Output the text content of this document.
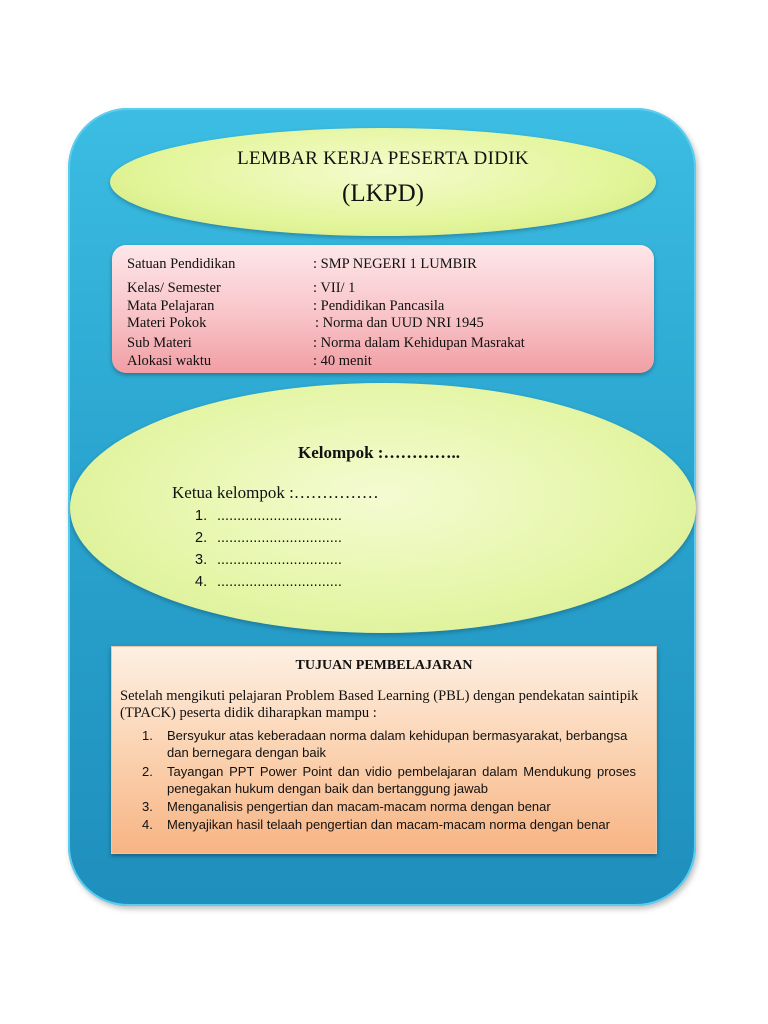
LEMBAR KERJA PESERTA DIDIK
(LKPD)
Satuan Pendidikan	: SMP NEGERI 1 LUMBIR
Kelas/ Semester	: VII/ 1
Mata Pelajaran	: Pendidikan Pancasila
Materi Pokok	: Norma dan UUD NRI 1945
Sub Materi	: Norma dalam Kehidupan Masrakat
Alokasi waktu	: 40 menit
Kelompok :…………..
Ketua kelompok :……………
1. ...............................
2. ...............................
3. ...............................
4. ...............................
TUJUAN PEMBELAJARAN
Setelah mengikuti pelajaran Problem Based Learning (PBL) dengan pendekatan saintipik (TPACK) peserta didik diharapkan mampu :
1. Bersyukur atas keberadaan norma dalam kehidupan bermasyarakat, berbangsa dan bernegara dengan baik
2. Tayangan PPT Power Point dan vidio pembelajaran dalam Mendukung proses penegakan hukum dengan baik dan bertanggung jawab
3. Menganalisis pengertian dan macam-macam norma dengan benar
4. Menyajikan hasil telaah pengertian dan macam-macam norma dengan benar
